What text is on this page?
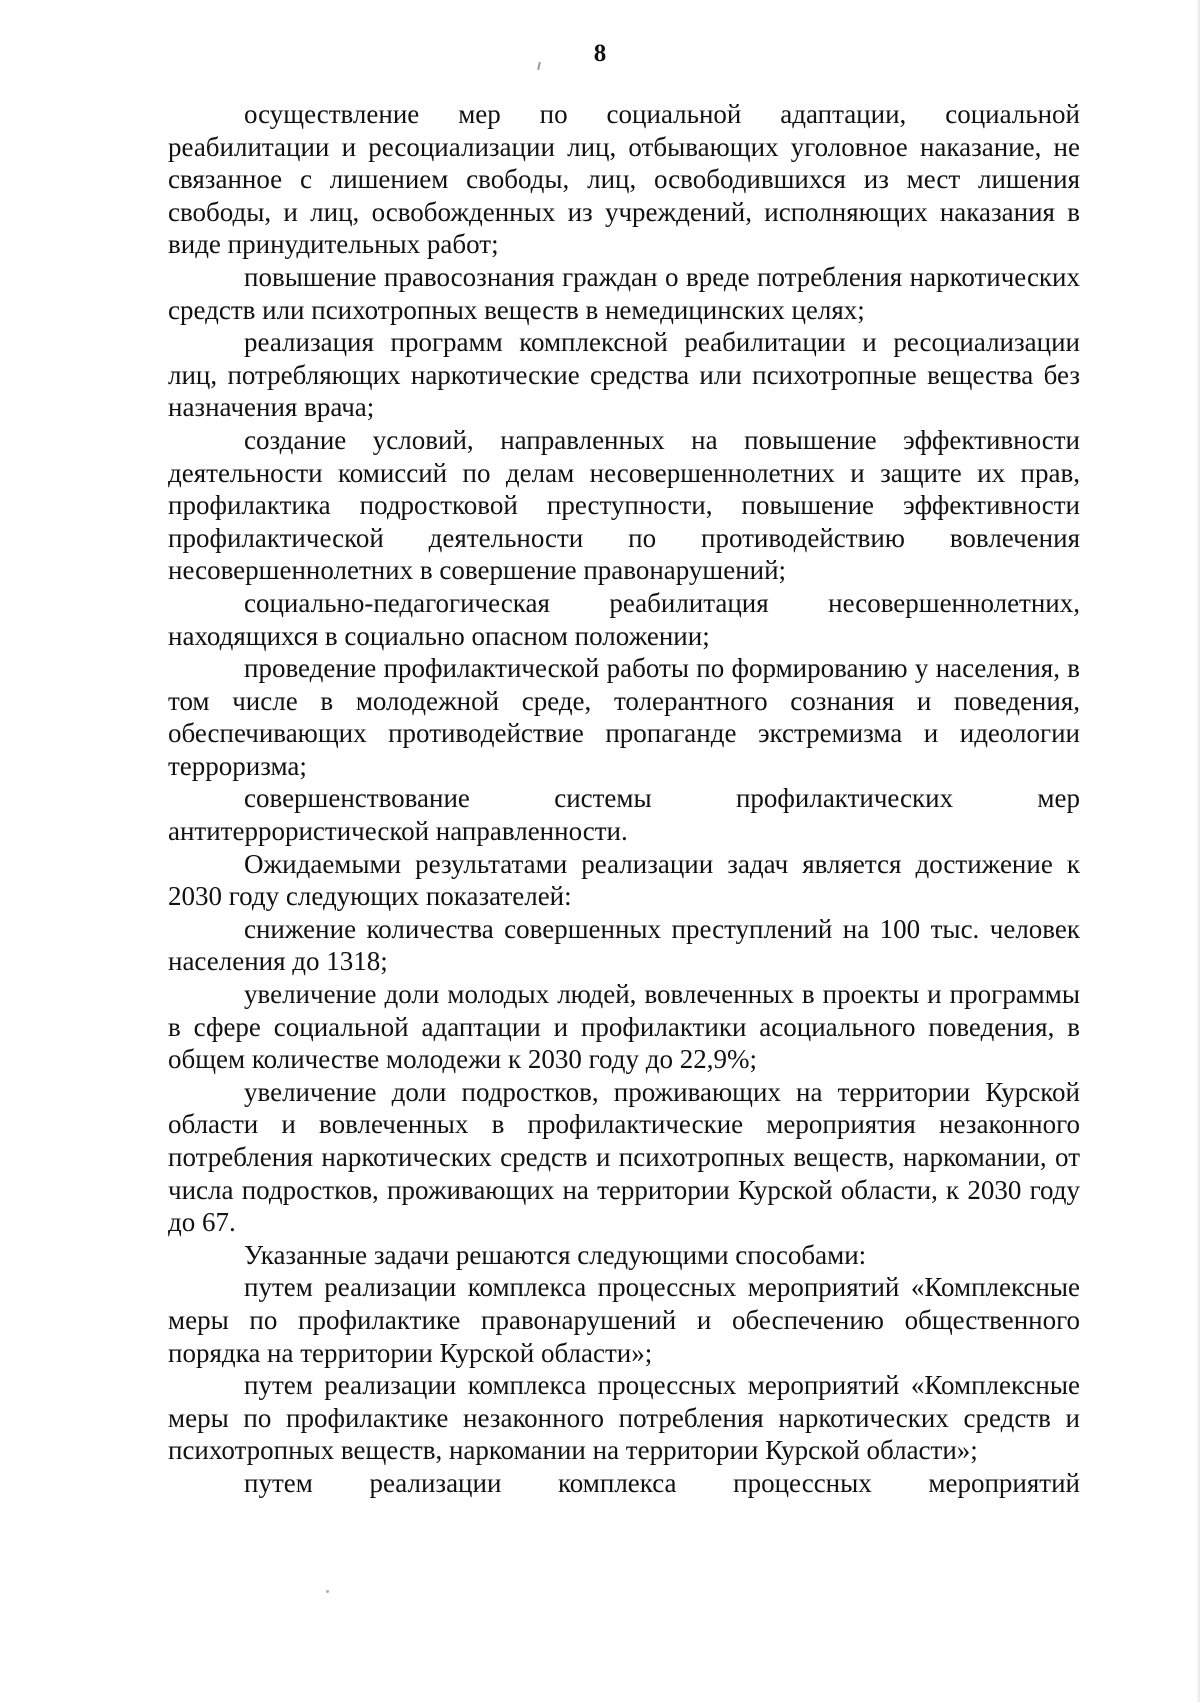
8

осуществление мер по социальной адаптации, социальной реабилитации и ресоциализации лиц, отбывающих уголовное наказание, не связанное с лишением свободы, лиц, освободившихся из мест лишения свободы, и лиц, освобожденных из учреждений, исполняющих наказания в виде принудительных работ;

повышение правосознания граждан о вреде потребления наркотических средств или психотропных веществ в немедицинских целях;

реализация программ комплексной реабилитации и ресоциализации лиц, потребляющих наркотические средства или психотропные вещества без назначения врача;

создание условий, направленных на повышение эффективности деятельности комиссий по делам несовершеннолетних и защите их прав, профилактика подростковой преступности, повышение эффективности профилактической деятельности по противодействию вовлечения несовершеннолетних в совершение правонарушений;

социально-педагогическая реабилитация несовершеннолетних, находящихся в социально опасном положении;

проведение профилактической работы по формированию у населения, в том числе в молодежной среде, толерантного сознания и поведения, обеспечивающих противодействие пропаганде экстремизма и идеологии терроризма;

совершенствование системы профилактических мер антитеррористической направленности.

Ожидаемыми результатами реализации задач является достижение к 2030 году следующих показателей:

снижение количества совершенных преступлений на 100 тыс. человек населения до 1318;

увеличение доли молодых людей, вовлеченных в проекты и программы в сфере социальной адаптации и профилактики асоциального поведения, в общем количестве молодежи к 2030 году до 22,9%;

увеличение доли подростков, проживающих на территории Курской области и вовлеченных в профилактические мероприятия незаконного потребления наркотических средств и психотропных веществ, наркомании, от числа подростков, проживающих на территории Курской области, к 2030 году до 67.

Указанные задачи решаются следующими способами:

путем реализации комплекса процессных мероприятий «Комплексные меры по профилактике правонарушений и обеспечению общественного порядка на территории Курской области»;

путем реализации комплекса процессных мероприятий «Комплексные меры по профилактике незаконного потребления наркотических средств и психотропных веществ, наркомании на территории Курской области»;

путем реализации комплекса процессных мероприятий
